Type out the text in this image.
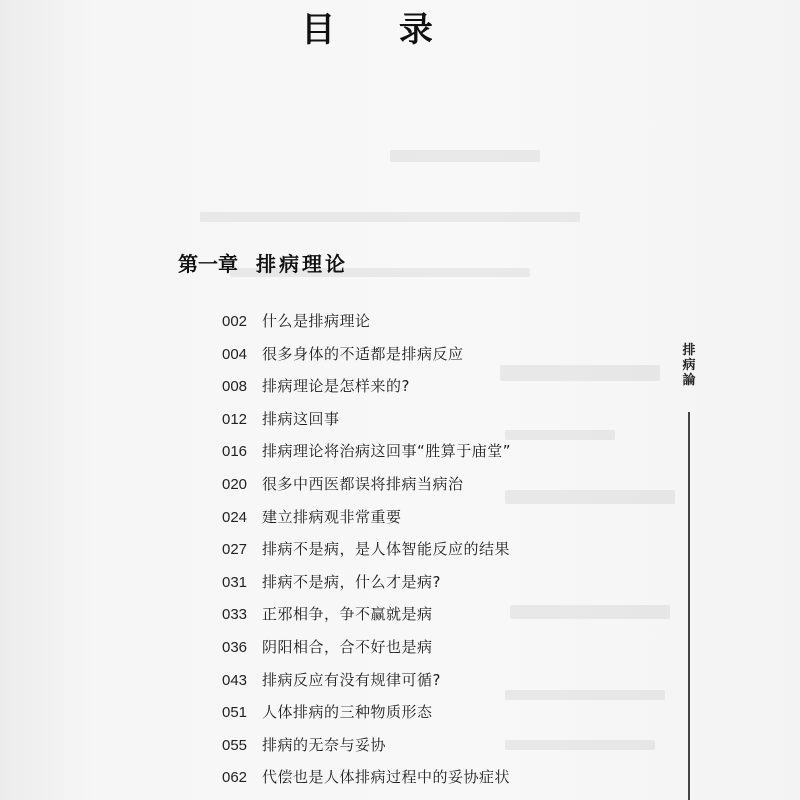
目 录
第一章 排病理论
002 什么是排病理论
004 很多身体的不适都是排病反应
008 排病理论是怎样来的?
012 排病这回事
016 排病理论将治病这回事“胜算于庙堂”
020 很多中西医都误将排病当病治
024 建立排病观非常重要
027 排病不是病，是人体智能反应的结果
031 排病不是病，什么才是病?
033 正邪相争，争不赢就是病
036 阴阳相合，合不好也是病
043 排病反应有没有规律可循?
051 人体排病的三种物质形态
055 排病的无奈与妥协
062 代偿也是人体排病过程中的妥协症状
排病論
